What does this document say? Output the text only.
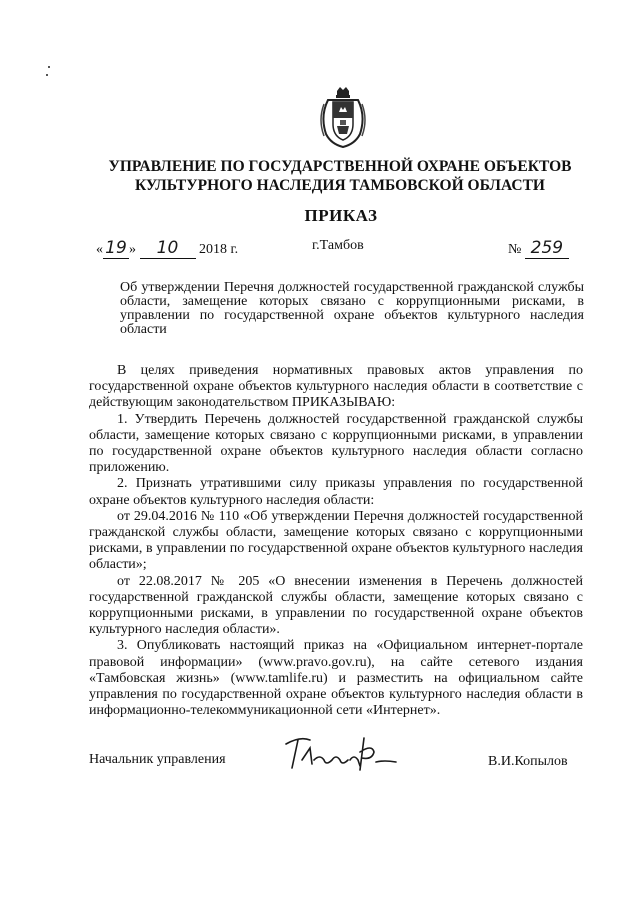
УПРАВЛЕНИЕ ПО ГОСУДАРСТВЕННОЙ ОХРАНЕ ОБЪЕКТОВ
КУЛЬТУРНОГО НАСЛЕДИЯ ТАМБОВСКОЙ ОБЛАСТИ
ПРИКАЗ
« 19 » 10 2018 г.	г.Тамбов	№ 259
Об утверждении Перечня должностей государственной гражданской службы области, замещение которых связано с коррупционными рисками, в управлении по государственной охране объектов культурного наследия области

В целях приведения нормативных правовых актов управления по государственной охране объектов культурного наследия области в соответствие с действующим законодательством ПРИКАЗЫВАЮ:

1. Утвердить Перечень должностей государственной гражданской службы области, замещение которых связано с коррупционными рисками, в управлении по государственной охране объектов культурного наследия области согласно приложению.

2. Признать утратившими силу приказы управления по государственной охране объектов культурного наследия области:

от 29.04.2016 № 110 «Об утверждении Перечня должностей государственной гражданской службы области, замещение которых связано с коррупционными рисками, в управлении по государственной охране объектов культурного наследия области»;

от 22.08.2017 № 205 «О внесении изменения в Перечень должностей государственной гражданской службы области, замещение которых связано с коррупционными рисками, в управлении по государственной охране объектов культурного наследия области».

3. Опубликовать настоящий приказ на «Официальном интернет-портале правовой информации» (www.pravo.gov.ru), на сайте сетевого издания «Тамбовская жизнь» (www.tamlife.ru) и разместить на официальном сайте управления по государственной охране объектов культурного наследия области в информационно-телекоммуникационной сети «Интернет».

Начальник управления	В.И.Копылов
